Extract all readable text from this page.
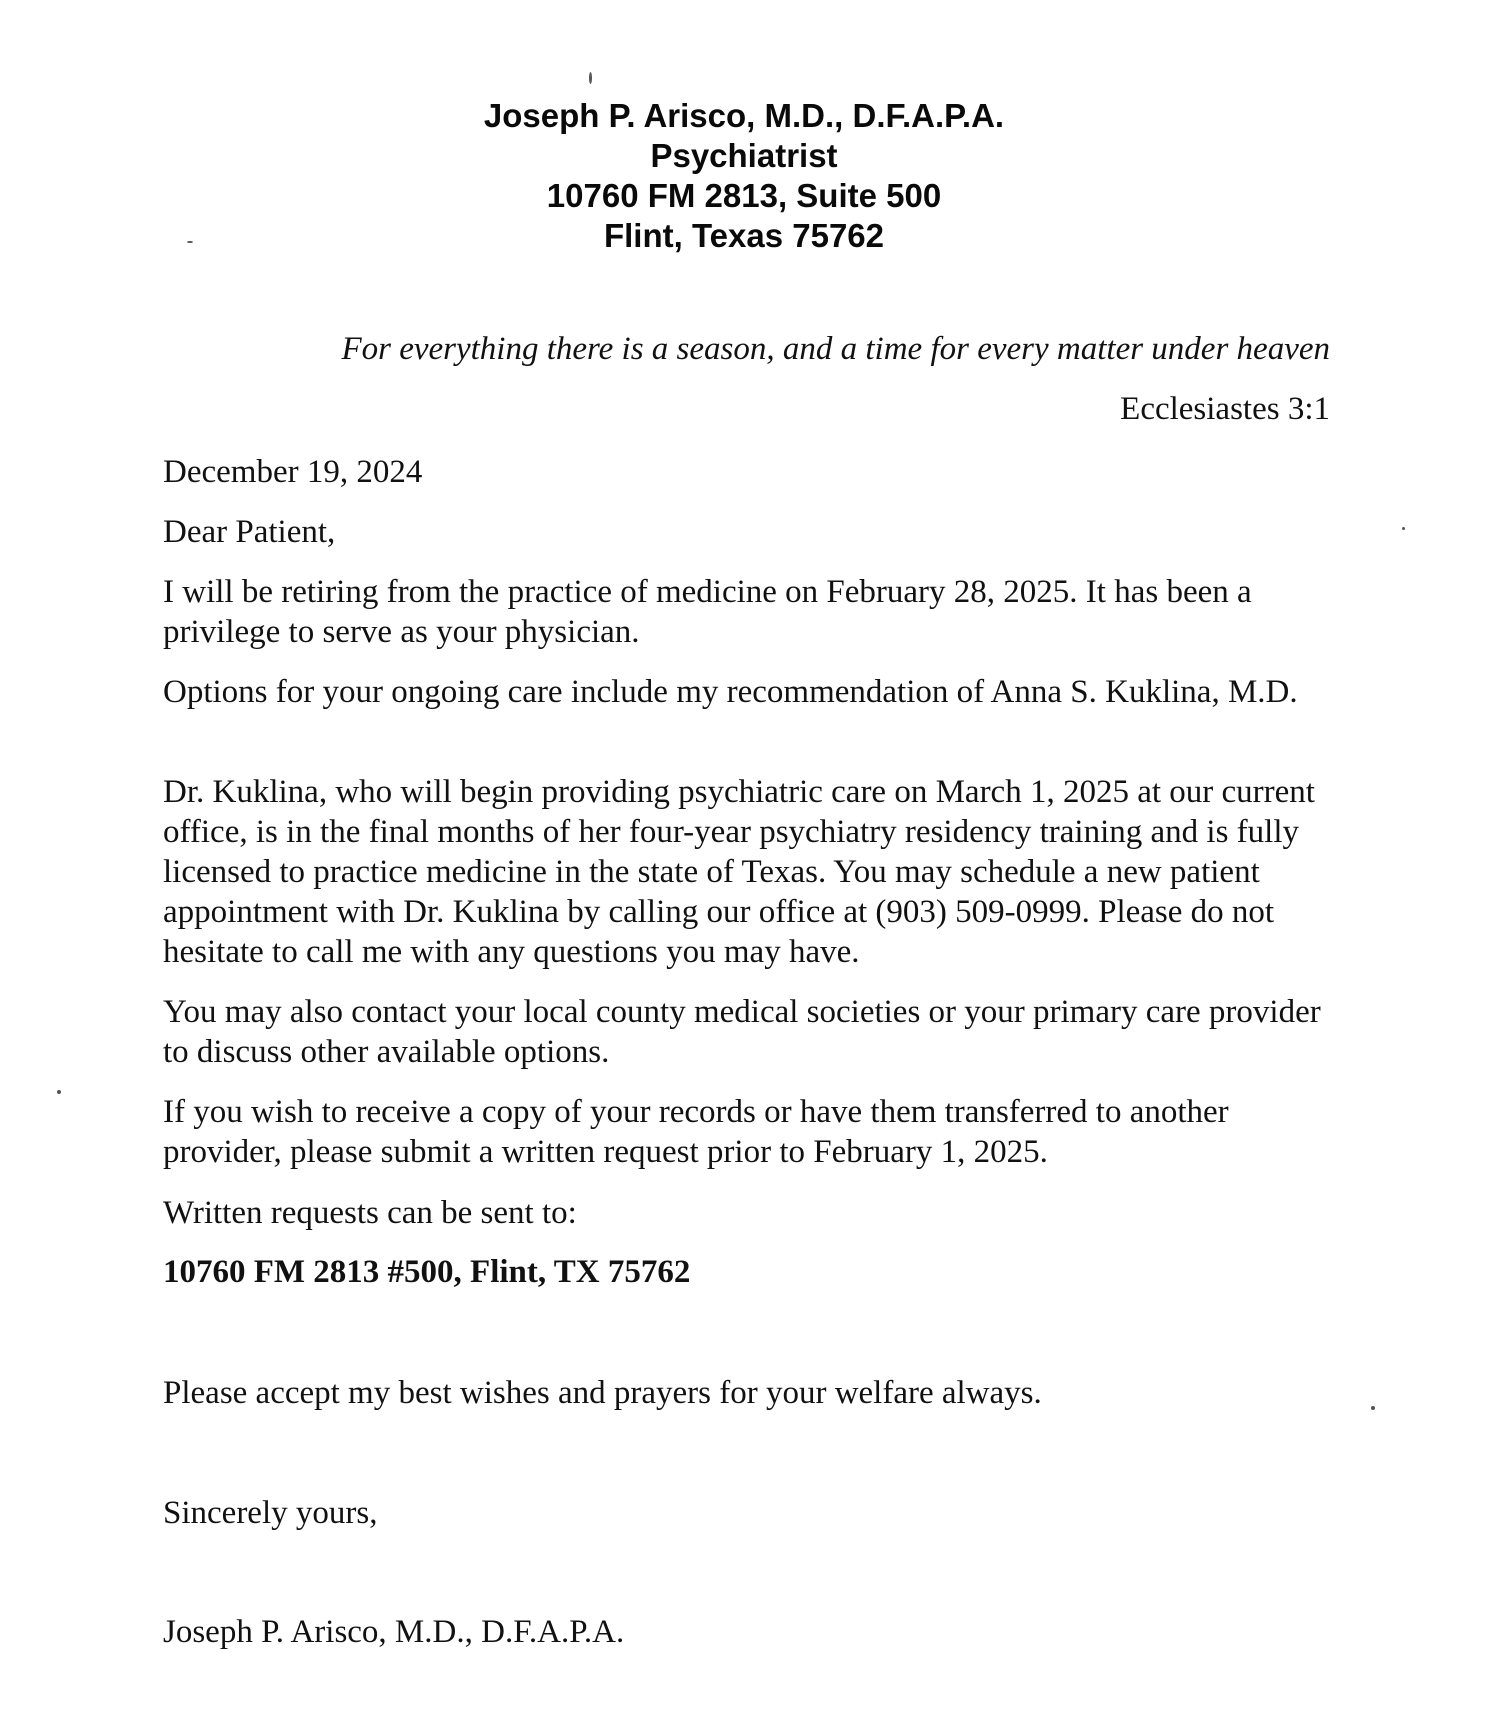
Joseph P. Arisco, M.D., D.F.A.P.A.
Psychiatrist
10760 FM 2813, Suite 500
Flint, Texas 75762
For everything there is a season, and a time for every matter under heaven
Ecclesiastes 3:1
December 19, 2024
Dear Patient,
I will be retiring from the practice of medicine on February 28, 2025. It has been a privilege to serve as your physician.
Options for your ongoing care include my recommendation of Anna S. Kuklina, M.D.
Dr. Kuklina, who will begin providing psychiatric care on March 1, 2025 at our current office, is in the final months of her four-year psychiatry residency training and is fully licensed to practice medicine in the state of Texas. You may schedule a new patient appointment with Dr. Kuklina by calling our office at (903) 509-0999. Please do not hesitate to call me with any questions you may have.
You may also contact your local county medical societies or your primary care provider to discuss other available options.
If you wish to receive a copy of your records or have them transferred to another provider, please submit a written request prior to February 1, 2025.
Written requests can be sent to:
10760 FM 2813 #500, Flint, TX 75762
Please accept my best wishes and prayers for your welfare always.
Sincerely yours,
Joseph P. Arisco, M.D., D.F.A.P.A.
